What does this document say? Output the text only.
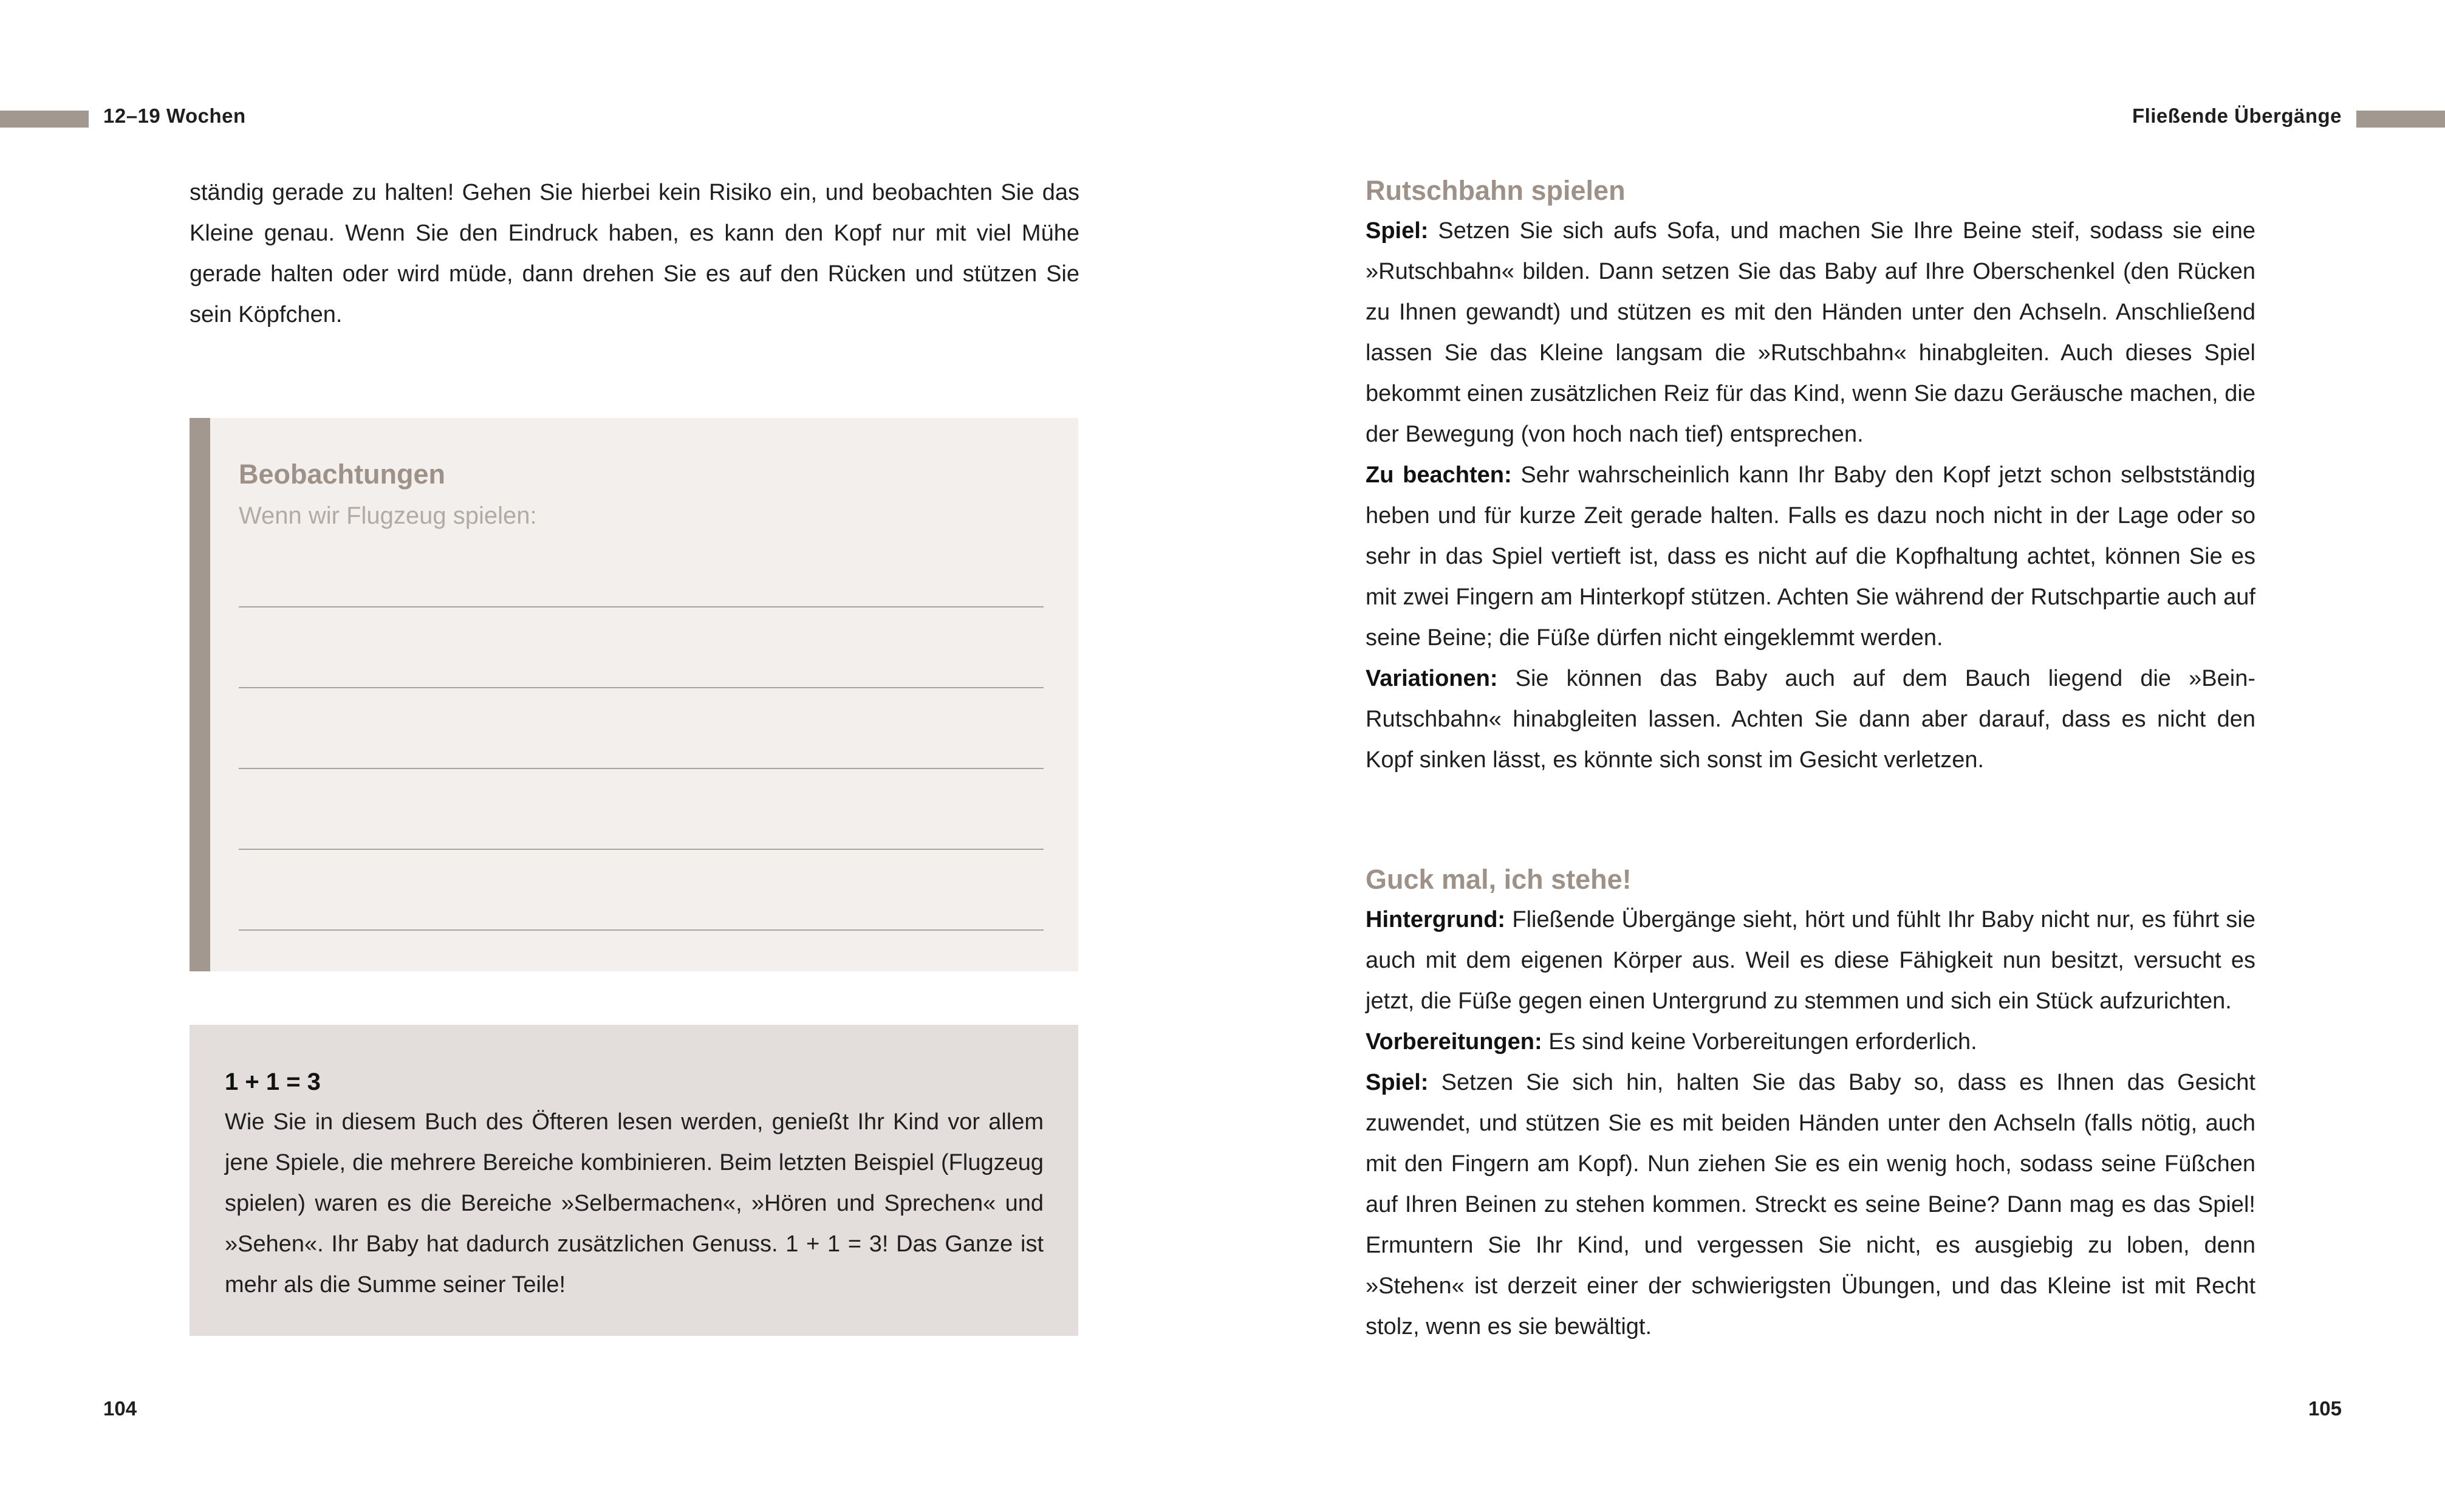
12–19 Wochen	Fließende Übergänge

ständig gerade zu halten! Gehen Sie hierbei kein Risiko ein, und beobachten Sie das Kleine genau. Wenn Sie den Eindruck haben, es kann den Kopf nur mit viel Mühe gerade halten oder wird müde, dann drehen Sie es auf den Rücken und stützen Sie sein Köpfchen.

Beobachtungen
Wenn wir Flugzeug spielen:
1 + 1 = 3

Wie Sie in diesem Buch des Öfteren lesen werden, genießt Ihr Kind vor allem jene Spiele, die mehrere Bereiche kombinieren. Beim letzten Beispiel (Flugzeug spielen) waren es die Bereiche »Selbermachen«, »Hören und Sprechen« und »Sehen«. Ihr Baby hat dadurch zusätzlichen Genuss. 1 + 1 = 3! Das Ganze ist mehr als die Summe seiner Teile!

104
Rutschbahn spielen

Spiel: Setzen Sie sich aufs Sofa, und machen Sie Ihre Beine steif, sodass sie eine »Rutschbahn« bilden. Dann setzen Sie das Baby auf Ihre Oberschenkel (den Rücken zu Ihnen gewandt) und stützen es mit den Händen unter den Achseln. Anschließend lassen Sie das Kleine langsam die »Rutschbahn« hinabgleiten. Auch dieses Spiel bekommt einen zusätzlichen Reiz für das Kind, wenn Sie dazu Geräusche machen, die der Bewegung (von hoch nach tief) entsprechen.

Zu beachten: Sehr wahrscheinlich kann Ihr Baby den Kopf jetzt schon selbstständig heben und für kurze Zeit gerade halten. Falls es dazu noch nicht in der Lage oder so sehr in das Spiel vertieft ist, dass es nicht auf die Kopfhaltung achtet, können Sie es mit zwei Fingern am Hinterkopf stützen. Achten Sie während der Rutschpartie auch auf seine Beine; die Füße dürfen nicht eingeklemmt werden.

Variationen: Sie können das Baby auch auf dem Bauch liegend die »Bein-Rutschbahn« hinabgleiten lassen. Achten Sie dann aber darauf, dass es nicht den Kopf sinken lässt, es könnte sich sonst im Gesicht verletzen.

Guck mal, ich stehe!

Hintergrund: Fließende Übergänge sieht, hört und fühlt Ihr Baby nicht nur, es führt sie auch mit dem eigenen Körper aus. Weil es diese Fähigkeit nun besitzt, versucht es jetzt, die Füße gegen einen Untergrund zu stemmen und sich ein Stück aufzurichten.

Vorbereitungen: Es sind keine Vorbereitungen erforderlich.

Spiel: Setzen Sie sich hin, halten Sie das Baby so, dass es Ihnen das Gesicht zuwendet, und stützen Sie es mit beiden Händen unter den Achseln (falls nötig, auch mit den Fingern am Kopf). Nun ziehen Sie es ein wenig hoch, sodass seine Füßchen auf Ihren Beinen zu stehen kommen. Streckt es seine Beine? Dann mag es das Spiel! Ermuntern Sie Ihr Kind, und vergessen Sie nicht, es ausgiebig zu loben, denn »Stehen« ist derzeit einer der schwierigsten Übungen, und das Kleine ist mit Recht stolz, wenn es sie bewältigt.

105
